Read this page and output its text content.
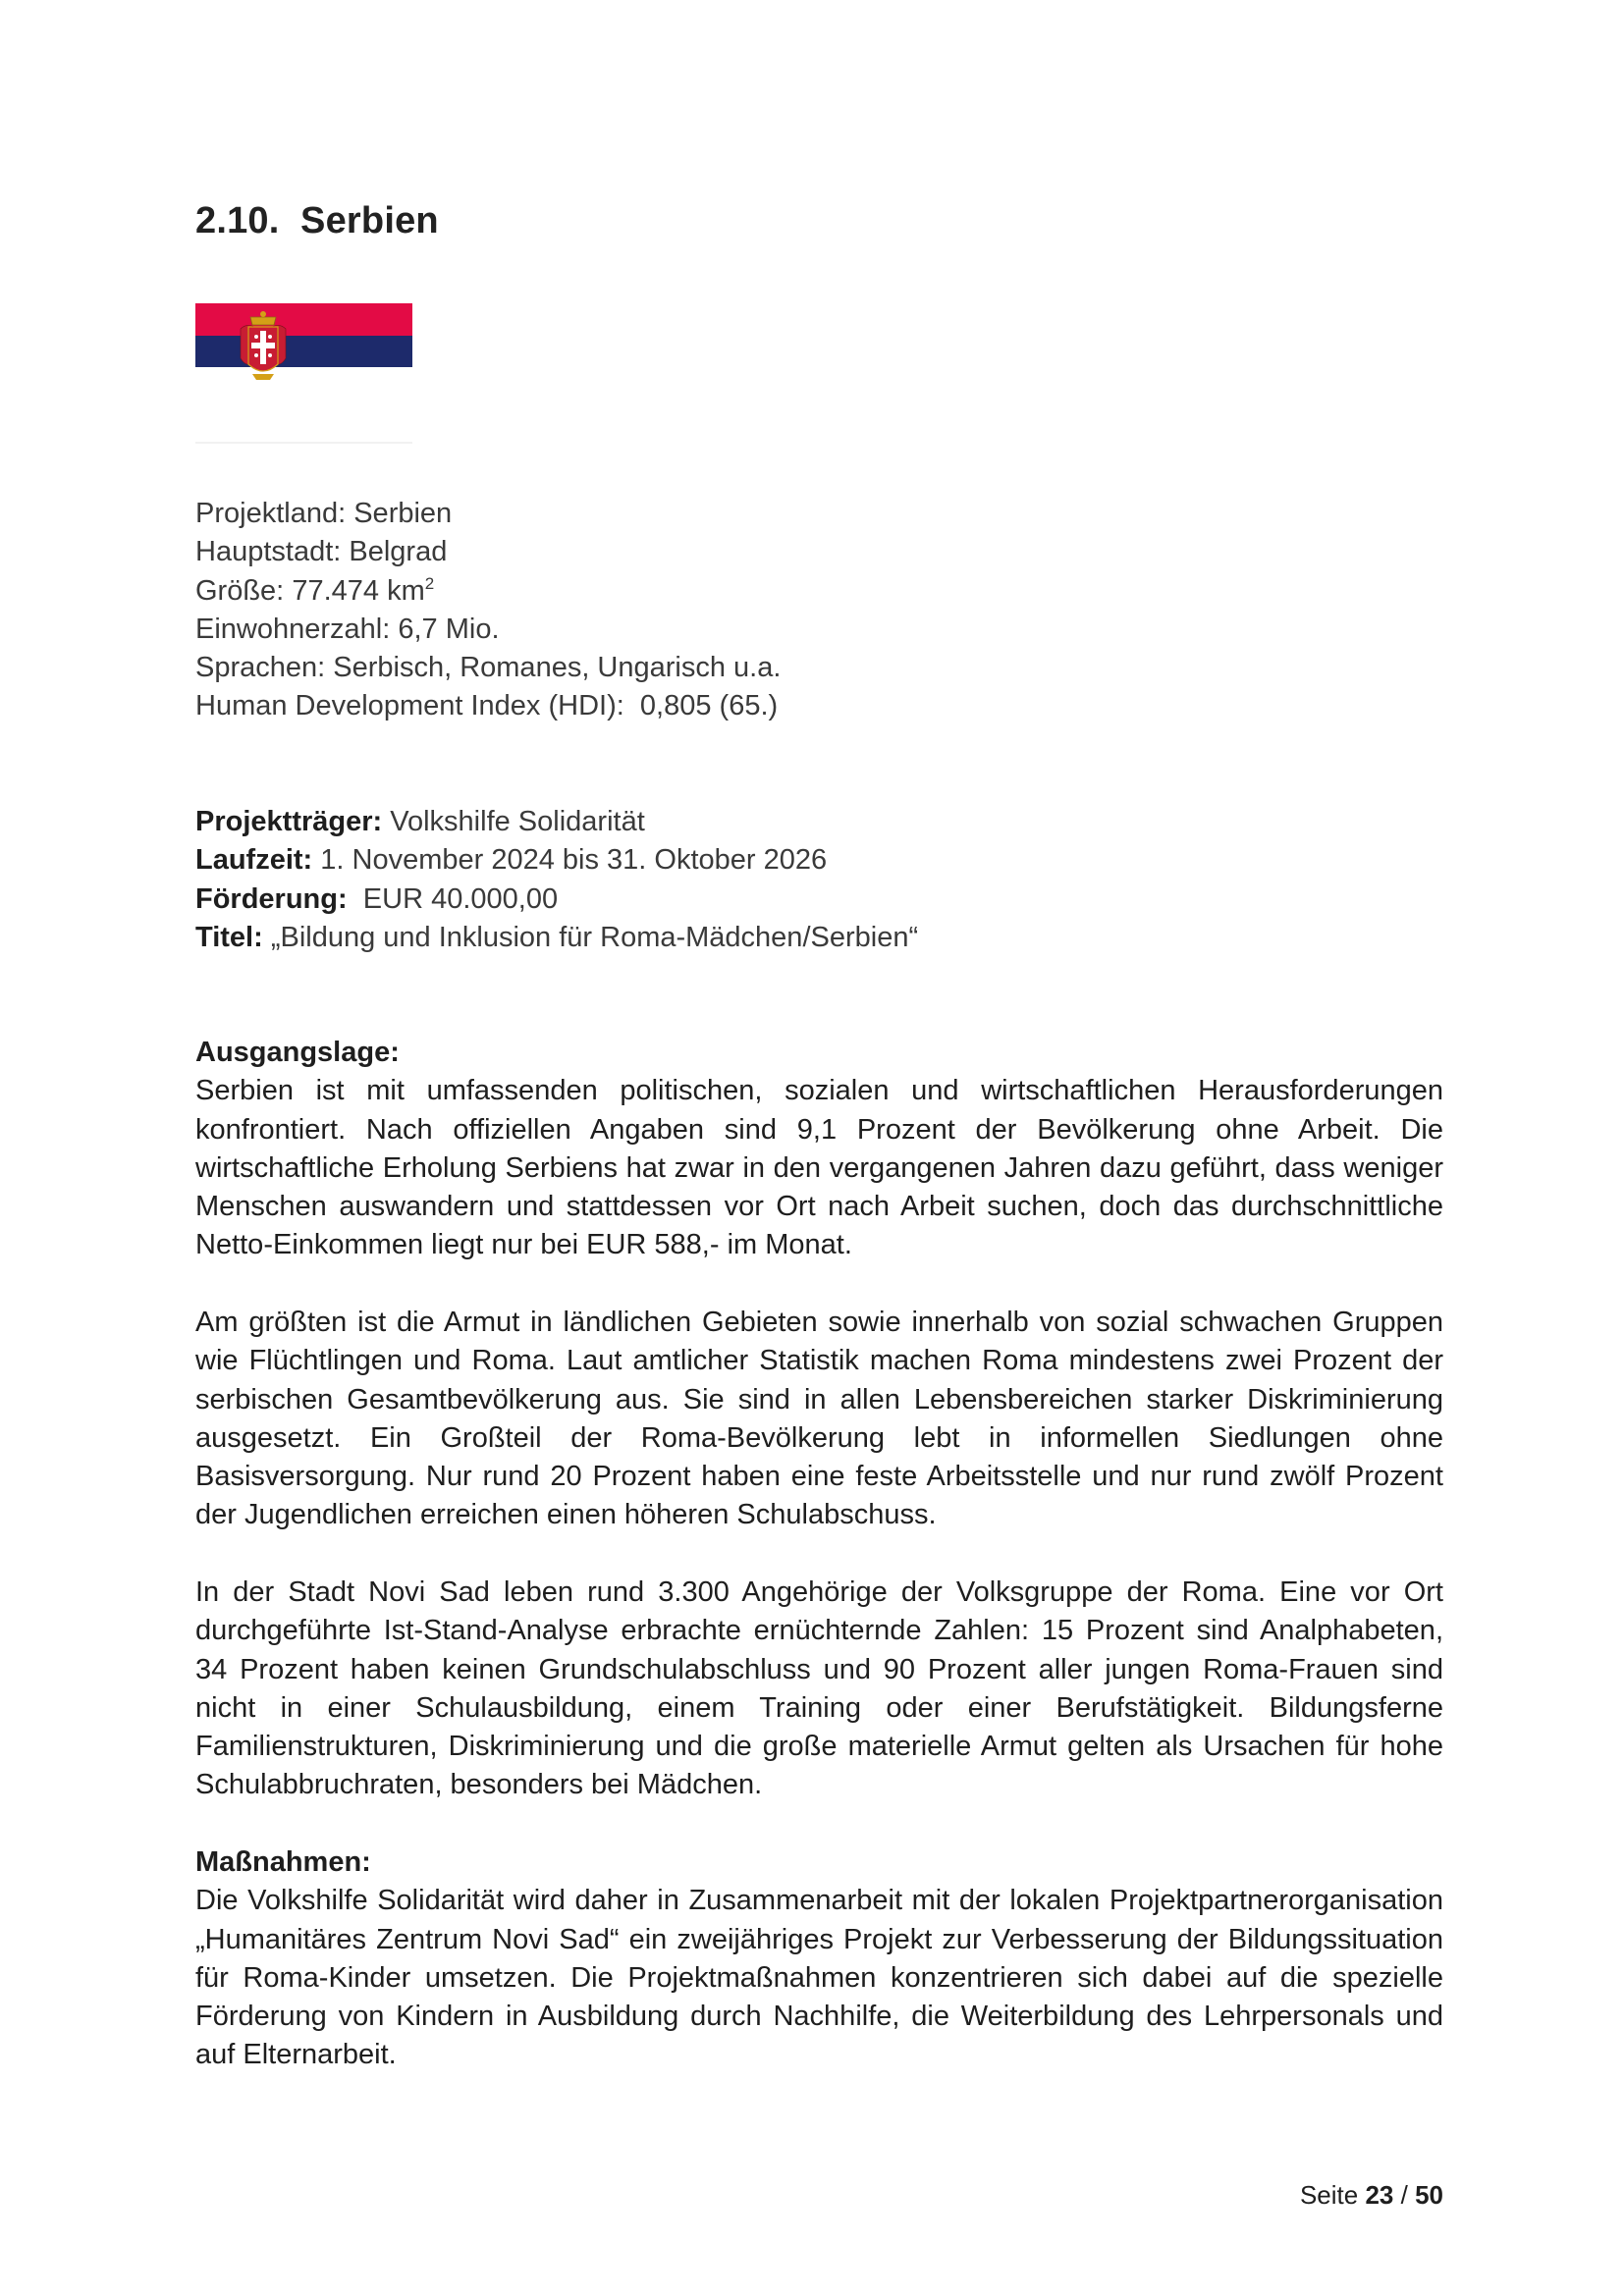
2.10. Serbien
Projektland: Serbien
Hauptstadt: Belgrad
Größe: 77.474 $km^2$
Einwohnerzahl: 6,7 Mio.
Sprachen: Serbisch, Romanes, Ungarisch u.a.
Human Development Index (HDI): 0,805 (65.)
Projektträger: Volkshilfe Solidarität
Laufzeit: 1. November 2024 bis 31. Oktober 2026
Förderung: EUR 40.000,00
Titel: „Bildung und Inklusion für Roma-Mädchen/Serbien“
Ausgangslage:

Serbien ist mit umfassenden politischen, sozialen und wirtschaftlichen Herausforderungen konfrontiert. Nach offiziellen Angaben sind 9,1 Prozent der Bevölkerung ohne Arbeit. Die wirtschaftliche Erholung Serbiens hat zwar in den vergangenen Jahren dazu geführt, dass weniger Menschen auswandern und stattdessen vor Ort nach Arbeit suchen, doch das durchschnittliche Netto-Einkommen liegt nur bei EUR 588,- im Monat.

Am größten ist die Armut in ländlichen Gebieten sowie innerhalb von sozial schwachen Gruppen wie Flüchtlingen und Roma. Laut amtlicher Statistik machen Roma mindestens zwei Prozent der serbischen Gesamtbevölkerung aus. Sie sind in allen Lebensbereichen starker Diskriminierung ausgesetzt. Ein Großteil der Roma-Bevölkerung lebt in informellen Siedlungen ohne Basisversorgung. Nur rund 20 Prozent haben eine feste Arbeitsstelle und nur rund zwölf Prozent der Jugendlichen erreichen einen höheren Schulabschuss.

In der Stadt Novi Sad leben rund 3.300 Angehörige der Volksgruppe der Roma. Eine vor Ort durchgeführte Ist-Stand-Analyse erbrachte ernüchternde Zahlen: 15 Prozent sind Analphabeten, 34 Prozent haben keinen Grundschulabschluss und 90 Prozent aller jungen Roma-Frauen sind nicht in einer Schulausbildung, einem Training oder einer Berufstätigkeit. Bildungsferne Familienstrukturen, Diskriminierung und die große materielle Armut gelten als Ursachen für hohe Schulabbruchraten, besonders bei Mädchen.

Maßnahmen:

Die Volkshilfe Solidarität wird daher in Zusammenarbeit mit der lokalen Projektpartnerorganisation „Humanitäres Zentrum Novi Sad“ ein zweijähriges Projekt zur Verbesserung der Bildungssituation für Roma-Kinder umsetzen. Die Projektmaßnahmen konzentrieren sich dabei auf die spezielle Förderung von Kindern in Ausbildung durch Nachhilfe, die Weiterbildung des Lehrpersonals und auf Elternarbeit.

Seite 23 / 50
